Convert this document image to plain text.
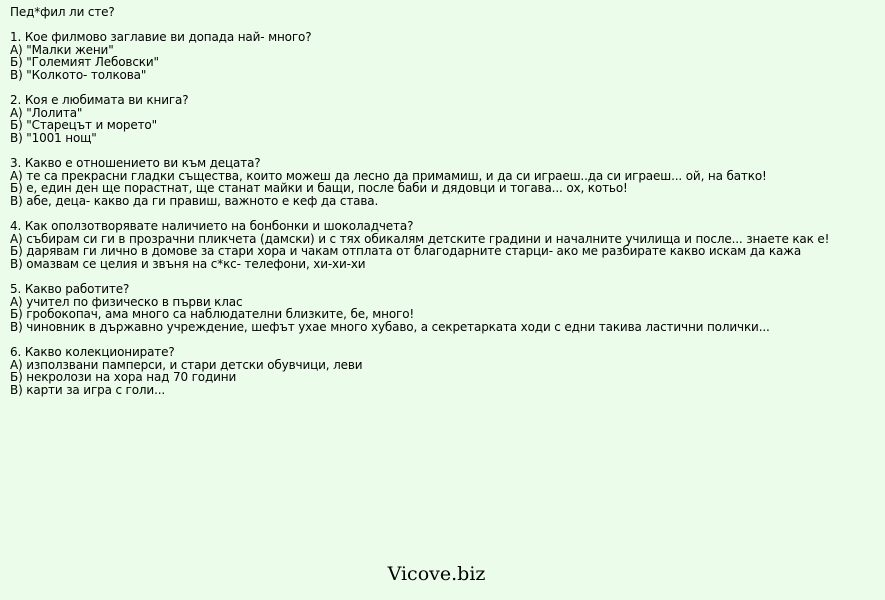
Пед*фил ли сте?
1. Кое филмово заглавие ви допада най- много?
А) "Малки жени"
Б) "Големият Лебовски"
В) "Колкото- толкова"
2. Коя е любимата ви книга?
А) "Лолита"
Б) "Старецът и морето"
В) "1001 нощ"
3. Какво е отношението ви към децата?
А) те са прекрасни гладки същества, които можеш да лесно да примамиш, и да си играеш..да си играеш... ой, на батко!
Б) е, един ден ще порастнат, ще станат майки и бащи, после баби и дядовци и тогава... ох, котьо!
В) абе, деца- какво да ги правиш, важното е кеф да става.
4. Как оползотворявате наличието на бонбонки и шоколадчета?
А) събирам си ги в прозрачни пликчета (дамски) и с тях обикалям детските градини и началните училища и после... знаете как е!
Б) дарявам ги лично в домове за стари хора и чакам отплата от благодарните старци- ако ме разбирате какво искам да кажа
В) омазвам се целия и звъня на с*кс- телефони, хи-хи-хи
5. Какво работите?
А) учител по физическо в първи клас
Б) гробокопач, ама много са наблюдателни близките, бе, много!
В) чиновник в държавно учреждение, шефът ухае много хубаво, а секретарката ходи с едни такива ластични полички...
6. Какво колекционирате?
А) използвани памперси, и стари детски обувчици, леви
Б) некролози на хора над 70 години
В) карти за игра с голи...
Vicove.biz
